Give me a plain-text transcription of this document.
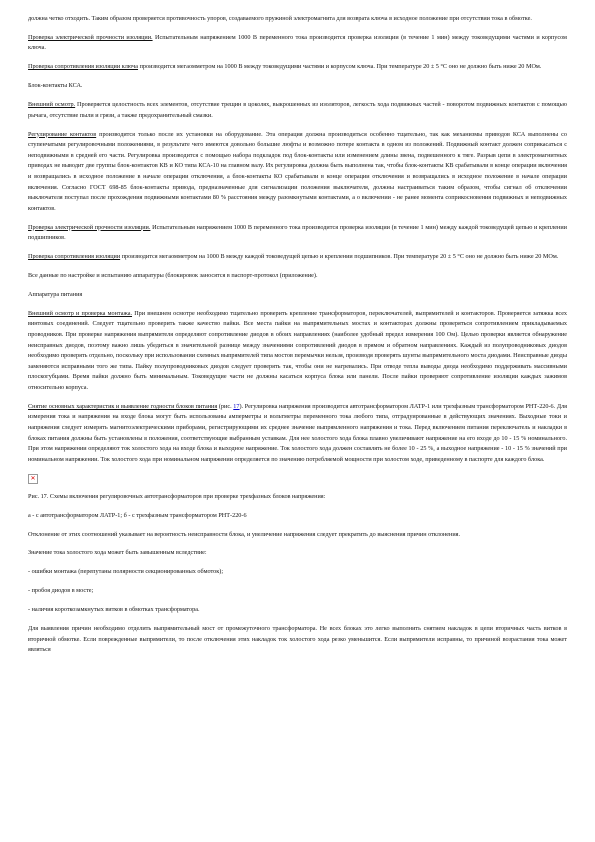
должна четко отходить. Таким образом проверяется противочность упоров, создаваемого пружиной электромагнита для возврата ключа в исходное положение при отсутствии тока в обмотке.

Проверка электрической прочности изоляции. Испытательным напряжением 1000 В переменного тока производится проверка изоляции (в течение 1 мин) между токоведущими частями и корпусом ключа.

Проверка сопротивления изоляции ключа производится мегаомметром на 1000 В между токоведущими частями и корпусом ключа. При температуре 20 ± 5 °С оно не должно быть ниже 20 МОм.

Блок-контакты КСА.

Внешний осмотр. Проверяется целостность всех элементов, отсутствие трещин в цоколях, выкрошенных из изоляторов, легкость хода подвижных частей - поворотом подвижных контактов с помощью рычага, отсутствие пыли и грязи, а также предохранительный смазки.

Регулирование контактов производится только после их установки на оборудование. Эта операция должна производиться особенно тщательно, так как механизмы приводов КСА выполнены со ступенчатыми регулировочными положениями, в результате чего имеются довольно большие люфты и возможно потере контакта в одном из положений. Подвижный контакт должен соприкасаться с неподвижными в средней его части. Регулировка производится с помощью набора подкладок под блок-контакты или изменением длины звена, подвешенного к тяге. Разрыв цепи в электромагнитных приводах не выводит две группы блок-контактов КВ и КО типа КСА-10 на главном валу. Их регулировка должна быть выполнена так, чтобы блок-контакты КВ срабатывали в конце операции включения и возвращались в исходное положение в начале операции отключения, а блок-контакты КО срабатывали в конце операции отключения и возвращались в исходное положение в начале операции включения. Согласно ГОСТ 698-85 блок-контакты привода, предназначенные для сигнализации положения выключателя, должны настраиваться таким образом, чтобы сигнал об отключении выключателя поступал после прохождения подвижными контактами 80 % расстояния между разомкнутыми контактами, а о включении - не ранее момента соприкосновения подвижных и неподвижных контактов.

Проверка электрической прочности изоляции. Испытательным напряжением 1000 В переменного тока производится проверка изоляции (в течение 1 мин) между каждой токоведущей цепью и креплении подшипников.

Проверка сопротивления изоляции производится мегаомметром на 1000 В между каждой токоведущей цепью и креплении подшипников. При температуре 20 ± 5 °С оно не должно быть ниже 20 МОм.

Все данные по настройке и испытанию аппаратуры (блокировок заносятся в паспорт-протокол (приложение).

Аппаратура питания

Внешний осмотр и проверка монтажа. При внешнем осмотре необходимо тщательно проверить крепление трансформаторов, переключателей, выпрямителей и контакторов. Проверяется затяжка всех винтовых соединений. Следует тщательно проверить также качество пайки. Все места пайки на выпрямительных мостах и контакторах должны проверяться сопротивлением прикладываемых проводников. При проверке напряжения выпрямителя определяют сопротивление диодов в обоих направлениях (наиболее удобный предел измерения 100 Ом). Целью проверки является обнаружение неисправных диодов, поэтому важно лишь убедиться в значительной разнице между значениями сопротивлений диодов в прямом и обратном направлениях. Каждый из полупроводниковых диодов необходимо проверять отдельно, поскольку при использовании схемных выпрямителей типа мостов перемычки нельзя, производя проверять шунты выпрямительного моста диодами. Неисправные диоды заменяются исправными того же типа. Пайку полупроводниковых диодов следует проверять так, чтобы они не нагревались. При отводе тепла выводы диода необходимо поддерживать массивными плоскогубцами. Время пайки должно быть минимальным. Токоведущие части не должны касаться корпуса блока или панели. После пайки проверяют сопротивление изоляции каждых зажимов относительно корпуса.

Снятие основных характеристик и выявление годности блоков питания (рис. 17). Регулировка напряжения производится автотрансформатором ЛАТР-1 или трехфазным трансформатором РНТ-220-6. Для измерения тока и напряжения на входе блока могут быть использованы амперметры и вольтметры переменного тока любого типа, отградуированные в действующих значениях. Выходные токи и напряжения следует измерять магнитоэлектрическими приборами, регистрирующими их среднее значение выпрямленного напряжения и тока. Перед включением питания переключатель и накладки в блоках питания должны быть установлены в положения, соответствующие выбранным уставкам. Для нее холостого хода блока плавно увеличивают напряжение на его входе до 10 - 15 % номинального. При этом напряжении определяют ток холостого хода на входе блока и выходное напряжение. Ток холостого хода должен составлять не более 10 - 25 %, а выходное напряжение - 10 - 15 % значений при номинальном напряжении. Ток холостого хода при номинальном напряжении определяется по значению потребляемой мощности при холостом ходе, приведенному в паспорте для каждого блока.

✕

Рис. 17. Схемы включения регулировочных автотрансформаторов при проверке трехфазных блоков напряжения:

а - с автотрансформатором ЛАТР-1; б - с трехфазным трансформатором РНТ-220-6

Отклонение от этих соотношений указывает на вероятность неисправности блока, и увеличение напряжения следует прекратить до выяснения причин отклонения.

Значение тока холостого хода может быть завышенным вследствие:

- ошибки монтажа (перепутаны полярности секционированных обмоток);

- пробоя диодов в мосте;

- наличия короткозамкнутых витков в обмотках трансформатора.

Для выявления причин необходимо отделить выпрямительный мост от промежуточного трансформатора. Не всех блоках это легко выполнить снятием накладок в цепи вторичных часть витков в вторичной обмотке. Если поврежденные выпрямители, то после отключения этих накладок ток холостого хода резко уменьшится. Если выпрямители исправны, то причиной возрастания тока может являться
